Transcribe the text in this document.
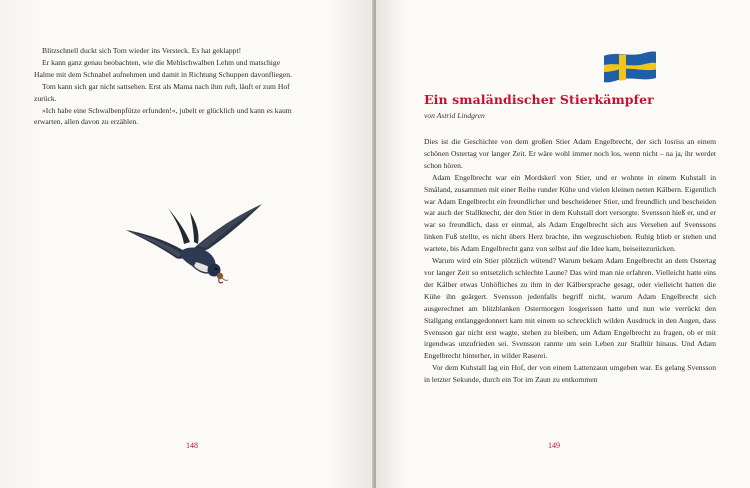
Blitzschnell duckt sich Tom wieder ins Versteck. Es hat geklappt!

Er kann ganz genau beobachten, wie die Mehlschwalben Lehm und matschige Halme mit dem Schnabel aufnehmen und damit in Richtung Schuppen davonfliegen.

Tom kann sich gar nicht sattsehen. Erst als Mama nach ihm ruft, läuft er zum Hof zurück.

»Ich habe eine Schwalbenpfütze erfunden!«, jubelt er glücklich und kann es kaum erwarten, allen davon zu erzählen.

148
Ein smaländischer Stierkämpfer
von Astrid Lindgren

Dies ist die Geschichte von dem großen Stier Adam Engelbrecht, der sich losriss an einem schönen Ostertag vor langer Zeit. Er wäre wohl immer noch los, wenn nicht – na ja, ihr werdet schon hören.

Adam Engelbrecht war ein Mordskerl von Stier, und er wohnte in einem Kuhstall in Småland, zusammen mit einer Reihe runder Kühe und vielen kleinen netten Kälbern. Eigentlich war Adam Engelbrecht ein freundlicher und bescheidener Stier, und freundlich und bescheiden war auch der Stallknecht, der den Stier in dem Kuhstall dort versorgte. Svensson hieß er, und er war so freundlich, dass er einmal, als Adam Engelbrecht sich aus Versehen auf Svenssons linken Fuß stellte, es nicht übers Herz brachte, ihn wegzuschieben. Ruhig blieb er stehen und wartete, bis Adam Engelbrecht ganz von selbst auf die Idee kam, beiseitezurücken.

Warum wird ein Stier plötzlich wütend? Warum bekam Adam Engelbrecht an dem Ostertag vor langer Zeit so entsetzlich schlechte Laune? Das wird man nie erfahren. Vielleicht hatte eins der Kälber etwas Unhöfliches zu ihm in der Kälbersprache gesagt, oder vielleicht hatten die Kühe ihn geärgert. Svensson jedenfalls begriff nicht, warum Adam Engelbrecht sich ausgerechnet am blitzblanken Ostermorgen losgerissen hatte und nun wie verrückt den Stallgang entlanggedonnert kam mit einem so schrecklich wilden Ausdruck in den Augen, dass Svensson gar nicht erst wagte, stehen zu bleiben, um Adam Engelbrecht zu fragen, ob er mit irgendwas unzufrieden sei. Svensson rannte um sein Leben zur Stalltür hinaus. Und Adam Engelbrecht hinterher, in wilder Raserei.

Vor dem Kuhstall lag ein Hof, der von einem Lattenzaun umgeben war. Es gelang Svensson in letzter Sekunde, durch ein Tor im Zaun zu entkommen

149
